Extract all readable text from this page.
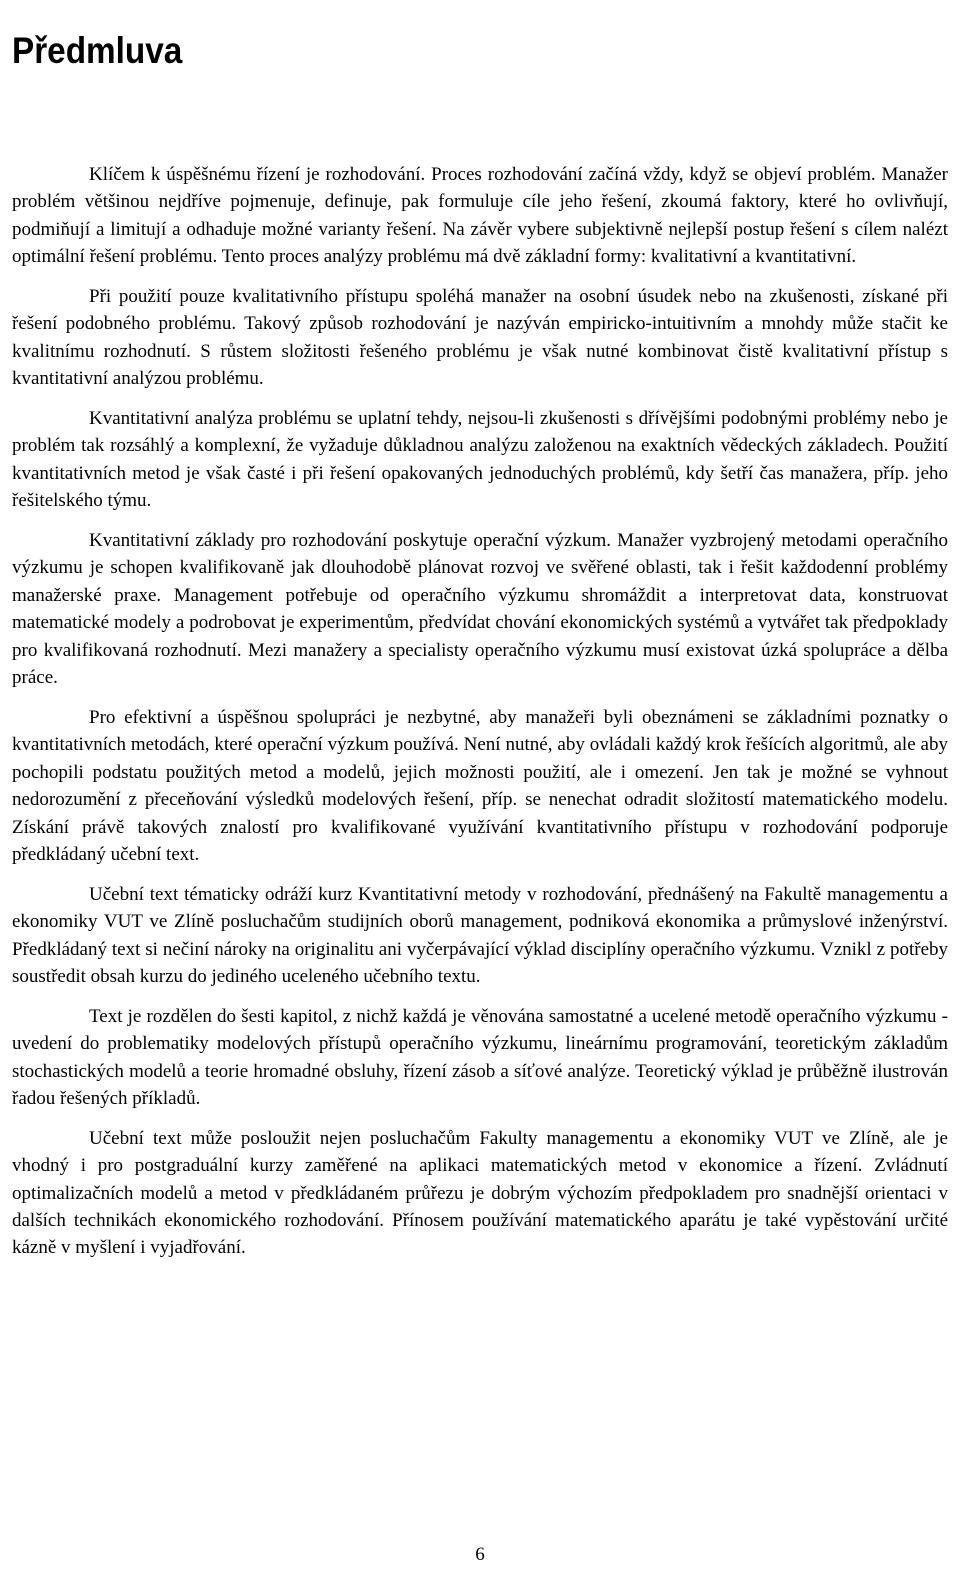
Předmluva

Klíčem k úspěšnému řízení je rozhodování. Proces rozhodování začíná vždy, když se objeví problém. Manažer problém většinou nejdříve pojmenuje, definuje, pak formuluje cíle jeho řešení, zkoumá faktory, které ho ovlivňují, podmiňují a limitují a odhaduje možné varianty řešení. Na závěr vybere subjektivně nejlepší postup řešení s cílem nalézt optimální řešení problému. Tento proces analýzy problému má dvě základní formy: kvalitativní a kvantitativní.

Při použití pouze kvalitativního přístupu spoléhá manažer na osobní úsudek nebo na zkušenosti, získané při řešení podobného problému. Takový způsob rozhodování je nazýván empiricko-intuitivním a mnohdy může stačit ke kvalitnímu rozhodnutí. S růstem složitosti řešeného problému je však nutné kombinovat čistě kvalitativní přístup s kvantitativní analýzou problému.

Kvantitativní analýza problému se uplatní tehdy, nejsou-li zkušenosti s dřívějšími podobnými problémy nebo je problém tak rozsáhlý a komplexní, že vyžaduje důkladnou analýzu založenou na exaktních vědeckých základech. Použití kvantitativních metod je však časté i při řešení opakovaných jednoduchých problémů, kdy šetří čas manažera, příp. jeho řešitelského týmu.

Kvantitativní základy pro rozhodování poskytuje operační výzkum. Manažer vyzbrojený metodami operačního výzkumu je schopen kvalifikovaně jak dlouhodobě plánovat rozvoj ve svěřené oblasti, tak i řešit každodenní problémy manažerské praxe. Management potřebuje od operačního výzkumu shromáždit a interpretovat data, konstruovat matematické modely a podrobovat je experimentům, předvídat chování ekonomických systémů a vytvářet tak předpoklady pro kvalifikovaná rozhodnutí. Mezi manažery a specialisty operačního výzkumu musí existovat úzká spolupráce a dělba práce.

Pro efektivní a úspěšnou spolupráci je nezbytné, aby manažeři byli obeznámeni se základními poznatky o kvantitativních metodách, které operační výzkum používá. Není nutné, aby ovládali každý krok řešících algoritmů, ale aby pochopili podstatu použitých metod a modelů, jejich možnosti použití, ale i omezení. Jen tak je možné se vyhnout nedorozumění z přeceňování výsledků modelových řešení, příp. se nenechat odradit složitostí matematického modelu. Získání právě takových znalostí pro kvalifikované využívání kvantitativního přístupu v rozhodování podporuje předkládaný učební text.

Učební text tématicky odráží kurz Kvantitativní metody v rozhodování, přednášený na Fakultě managementu a ekonomiky VUT ve Zlíně posluchačům studijních oborů management, podniková ekonomika a průmyslové inženýrství. Předkládaný text si nečiní nároky na originalitu ani vyčerpávající výklad disciplíny operačního výzkumu. Vznikl z potřeby soustředit obsah kurzu do jediného uceleného učebního textu.

Text je rozdělen do šesti kapitol, z nichž každá je věnována samostatné a ucelené metodě operačního výzkumu - uvedení do problematiky modelových přístupů operačního výzkumu, lineárnímu programování, teoretickým základům stochastických modelů a teorie hromadné obsluhy, řízení zásob a síťové analýze. Teoretický výklad je průběžně ilustrován řadou řešených příkladů.

Učební text může posloužit nejen posluchačům Fakulty managementu a ekonomiky VUT ve Zlíně, ale je vhodný i pro postgraduální kurzy zaměřené na aplikaci matematických metod v ekonomice a řízení. Zvládnutí optimalizačních modelů a metod v předkládaném průřezu je dobrým výchozím předpokladem pro snadnější orientaci v dalších technikách ekonomického rozhodování. Přínosem používání matematického aparátu je také vypěstování určité kázně v myšlení i vyjadřování.

6
